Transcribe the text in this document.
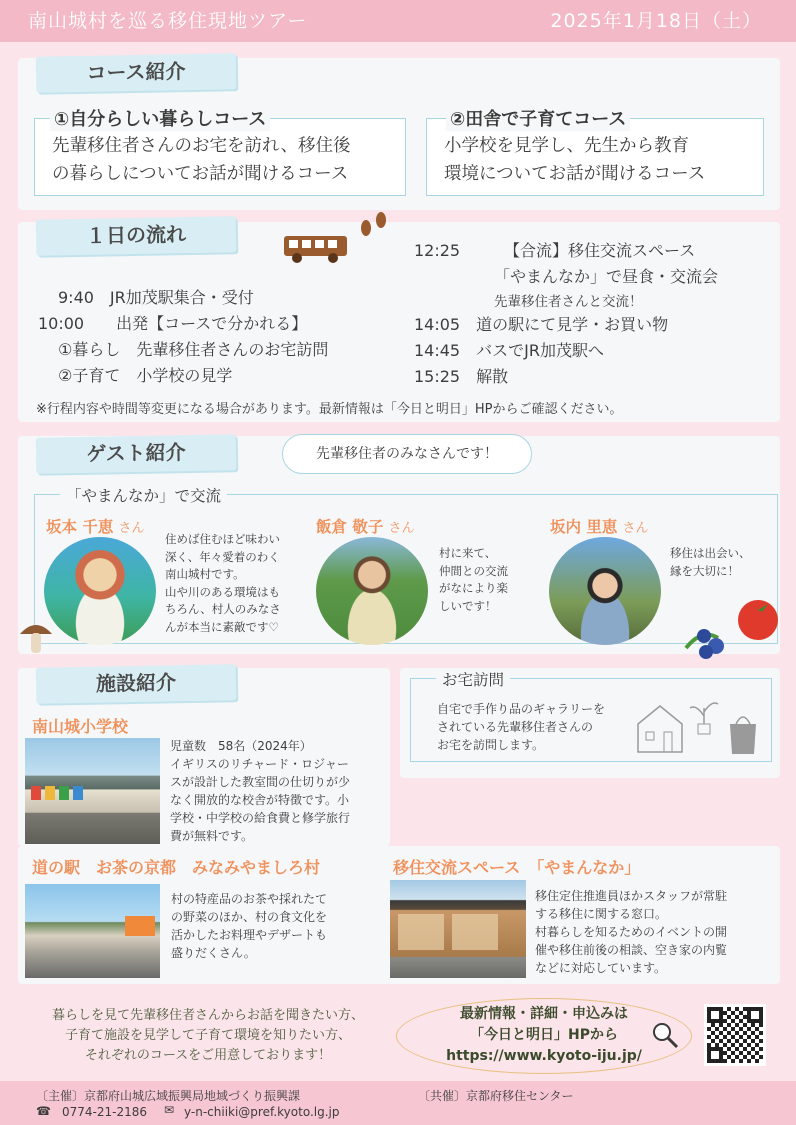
南山城村を巡る移住現地ツアー	2025年1月18日（土）
コース紹介
①自分らしい暮らしコース
先輩移住者さんのお宅を訪れ、移住後
の暮らしについてお話が聞けるコース
②田舎で子育てコース
小学校を見学し、先生から教育
環境についてお話が聞けるコース
１日の流れ
9:40　JR加茂駅集合・受付
10:00　　出発【コースで分かれる】
①暮らし　先輩移住者さんのお宅訪問
②子育て　小学校の見学
12:25	【合流】移住交流スペース
「やまんなか」で昼食・交流会
先輩移住者さんと交流！
14:05　道の駅にて見学・お買い物
14:45　バスでJR加茂駅へ
15:25　解散
※行程内容や時間等変更になる場合があります。最新情報は「今日と明日」HPからご確認ください。
ゲスト紹介	先輩移住者のみなさんです！
「やまんなか」で交流
坂本 千恵 さん
住めば住むほど味わい
深く、年々愛着のわく
南山城村です。
山や川のある環境はも
ちろん、村人のみなさ
んが本当に素敵です♡
飯倉 敬子 さん
村に来て、
仲間との交流
がなにより楽
しいです！
坂内 里恵 さん
移住は出会い、
縁を大切に！
施設紹介
南山城小学校
児童数　58名（2024年）
イギリスのリチャード・ロジャー
スが設計した教室間の仕切りが少
なく開放的な校舎が特徴です。小
学校・中学校の給食費と修学旅行
費が無料です。
お宅訪問
自宅で手作り品のギャラリーを
されている先輩移住者さんの
お宅を訪問します。
道の駅　お茶の京都　みなみやましろ村
村の特産品のお茶や採れたて
の野菜のほか、村の食文化を
活かしたお料理やデザートも
盛りだくさん。
移住交流スペース　「やまんなか」
移住定住推進員ほかスタッフが常駐
する移住に関する窓口。
村暮らしを知るためのイベントの開
催や移住前後の相談、空き家の内覧
などに対応しています。
暮らしを見て先輩移住者さんからお話を聞きたい方、
子育て施設を見学して子育て環境を知りたい方、
それぞれのコースをご用意しております！
最新情報・詳細・申込みは
「今日と明日」HPから
https://www.kyoto-iju.jp/
〔主催〕京都府山城広域振興局地域づくり振興課	〔共催〕京都府移住センター
☎ 0774-21-2186 ✉ y-n-chiiki@pref.kyoto.lg.jp
